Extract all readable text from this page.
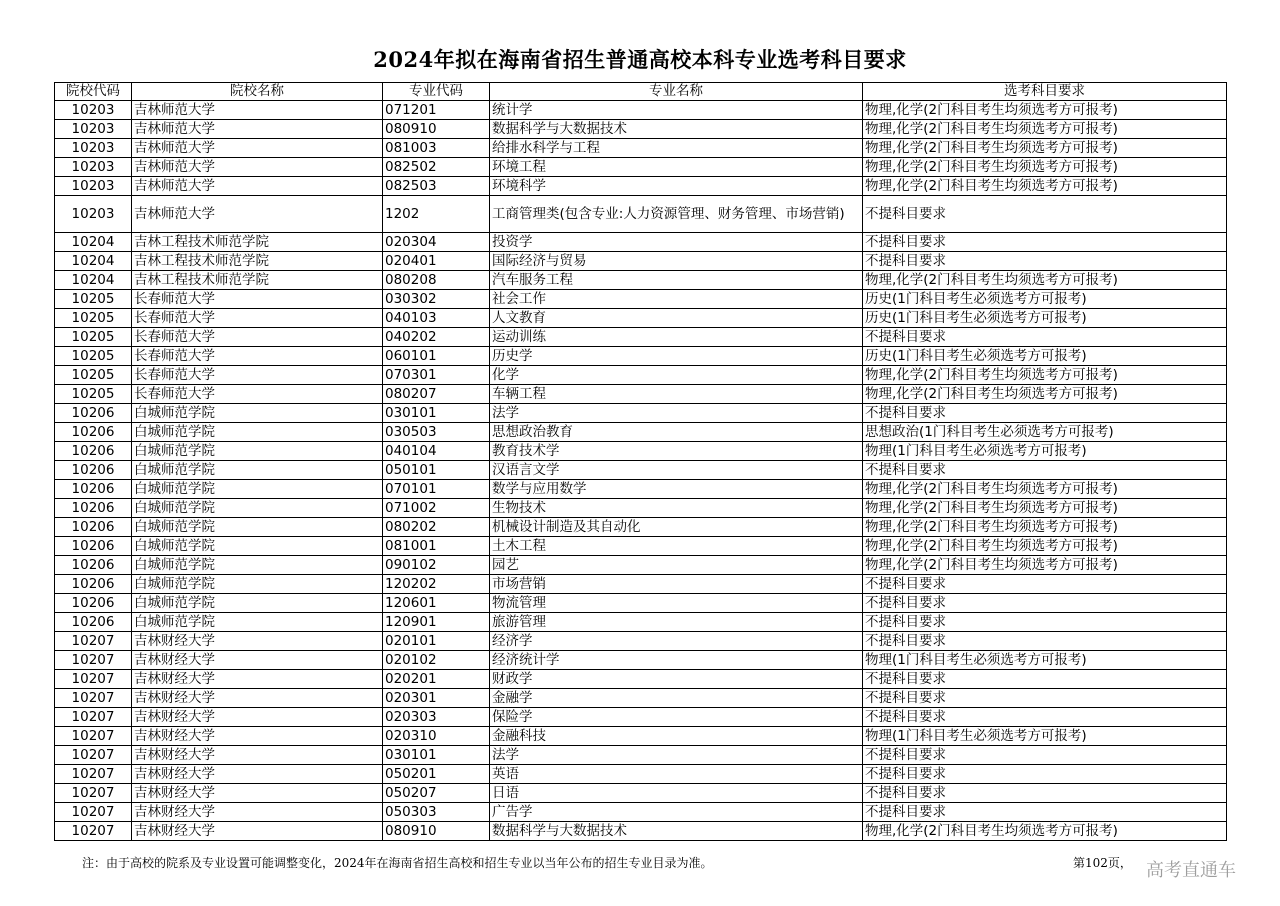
2024年拟在海南省招生普通高校本科专业选考科目要求
院校代码	院校名称	专业代码	专业名称	选考科目要求
10203	吉林师范大学	071201	统计学	物理,化学(2门科目考生均须选考方可报考)
10203	吉林师范大学	080910	数据科学与大数据技术	物理,化学(2门科目考生均须选考方可报考)
10203	吉林师范大学	081003	给排水科学与工程	物理,化学(2门科目考生均须选考方可报考)
10203	吉林师范大学	082502	环境工程	物理,化学(2门科目考生均须选考方可报考)
10203	吉林师范大学	082503	环境科学	物理,化学(2门科目考生均须选考方可报考)
10203	吉林师范大学	1202	工商管理类(包含专业:人力资源管理、财务管理、市场营销)	不提科目要求
10204	吉林工程技术师范学院	020304	投资学	不提科目要求
10204	吉林工程技术师范学院	020401	国际经济与贸易	不提科目要求
10204	吉林工程技术师范学院	080208	汽车服务工程	物理,化学(2门科目考生均须选考方可报考)
10205	长春师范大学	030302	社会工作	历史(1门科目考生必须选考方可报考)
10205	长春师范大学	040103	人文教育	历史(1门科目考生必须选考方可报考)
10205	长春师范大学	040202	运动训练	不提科目要求
10205	长春师范大学	060101	历史学	历史(1门科目考生必须选考方可报考)
10205	长春师范大学	070301	化学	物理,化学(2门科目考生均须选考方可报考)
10205	长春师范大学	080207	车辆工程	物理,化学(2门科目考生均须选考方可报考)
10206	白城师范学院	030101	法学	不提科目要求
10206	白城师范学院	030503	思想政治教育	思想政治(1门科目考生必须选考方可报考)
10206	白城师范学院	040104	教育技术学	物理(1门科目考生必须选考方可报考)
10206	白城师范学院	050101	汉语言文学	不提科目要求
10206	白城师范学院	070101	数学与应用数学	物理,化学(2门科目考生均须选考方可报考)
10206	白城师范学院	071002	生物技术	物理,化学(2门科目考生均须选考方可报考)
10206	白城师范学院	080202	机械设计制造及其自动化	物理,化学(2门科目考生均须选考方可报考)
10206	白城师范学院	081001	土木工程	物理,化学(2门科目考生均须选考方可报考)
10206	白城师范学院	090102	园艺	物理,化学(2门科目考生均须选考方可报考)
10206	白城师范学院	120202	市场营销	不提科目要求
10206	白城师范学院	120601	物流管理	不提科目要求
10206	白城师范学院	120901	旅游管理	不提科目要求
10207	吉林财经大学	020101	经济学	不提科目要求
10207	吉林财经大学	020102	经济统计学	物理(1门科目考生必须选考方可报考)
10207	吉林财经大学	020201	财政学	不提科目要求
10207	吉林财经大学	020301	金融学	不提科目要求
10207	吉林财经大学	020303	保险学	不提科目要求
10207	吉林财经大学	020310	金融科技	物理(1门科目考生必须选考方可报考)
10207	吉林财经大学	030101	法学	不提科目要求
10207	吉林财经大学	050201	英语	不提科目要求
10207	吉林财经大学	050207	日语	不提科目要求
10207	吉林财经大学	050303	广告学	不提科目要求
10207	吉林财经大学	080910	数据科学与大数据技术	物理,化学(2门科目考生均须选考方可报考)
注：由于高校的院系及专业设置可能调整变化，2024年在海南省招生高校和招生专业以当年公布的招生专业目录为准。	第102页， 高考直通车
